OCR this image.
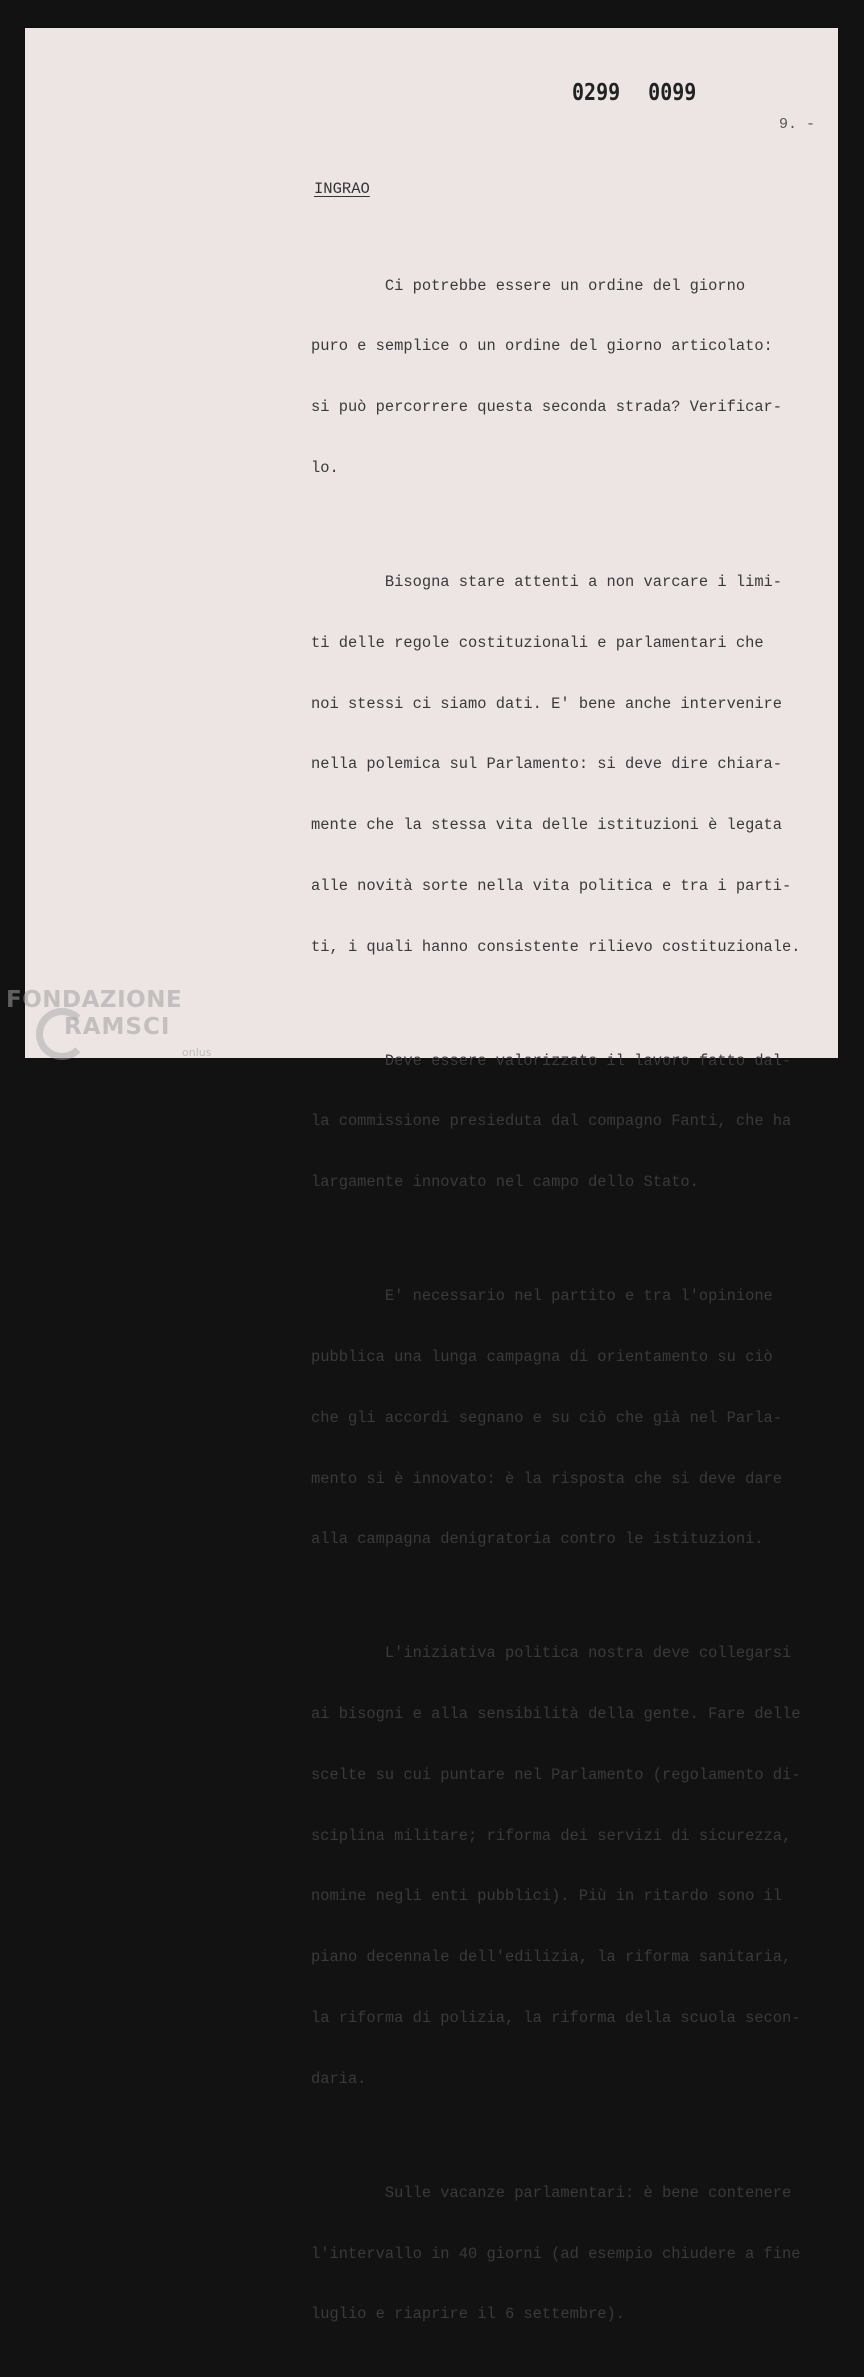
0299 0099
9. -
INGRAO

Ci potrebbe essere un ordine del giorno

puro e semplice o un ordine del giorno articolato:

si può percorrere questa seconda strada? Verificar-

lo.

Bisogna stare attenti a non varcare i limi-

ti delle regole costituzionali e parlamentari che

noi stessi ci siamo dati. E' bene anche intervenire

nella polemica sul Parlamento: si deve dire chiara-

mente che la stessa vita delle istituzioni è legata

alle novità sorte nella vita politica e tra i parti-

ti, i quali hanno consistente rilievo costituzionale.

Deve essere valorizzato il lavoro fatto dal-

la commissione presieduta dal compagno Fanti, che ha

largamente innovato nel campo dello Stato.

E' necessario nel partito e tra l'opinione

pubblica una lunga campagna di orientamento su ciò

che gli accordi segnano e su ciò che già nel Parla-

mento si è innovato: è la risposta che si deve dare

alla campagna denigratoria contro le istituzioni.

L'iniziativa politica nostra deve collegarsi

ai bisogni e alla sensibilità della gente. Fare delle

scelte su cui puntare nel Parlamento (regolamento di-

sciplina militare; riforma dei servizi di sicurezza,

nomine negli enti pubblici). Più in ritardo sono il

piano decennale dell'edilizia, la riforma sanitaria,

la riforma di polizia, la riforma della scuola secon-

daria.

Sulle vacanze parlamentari: è bene contenere

l'intervallo in 40 giorni (ad esempio chiudere a fine

luglio e riaprire il 6 settembre).

FONDAZIONE
RAMSCI
onlus
